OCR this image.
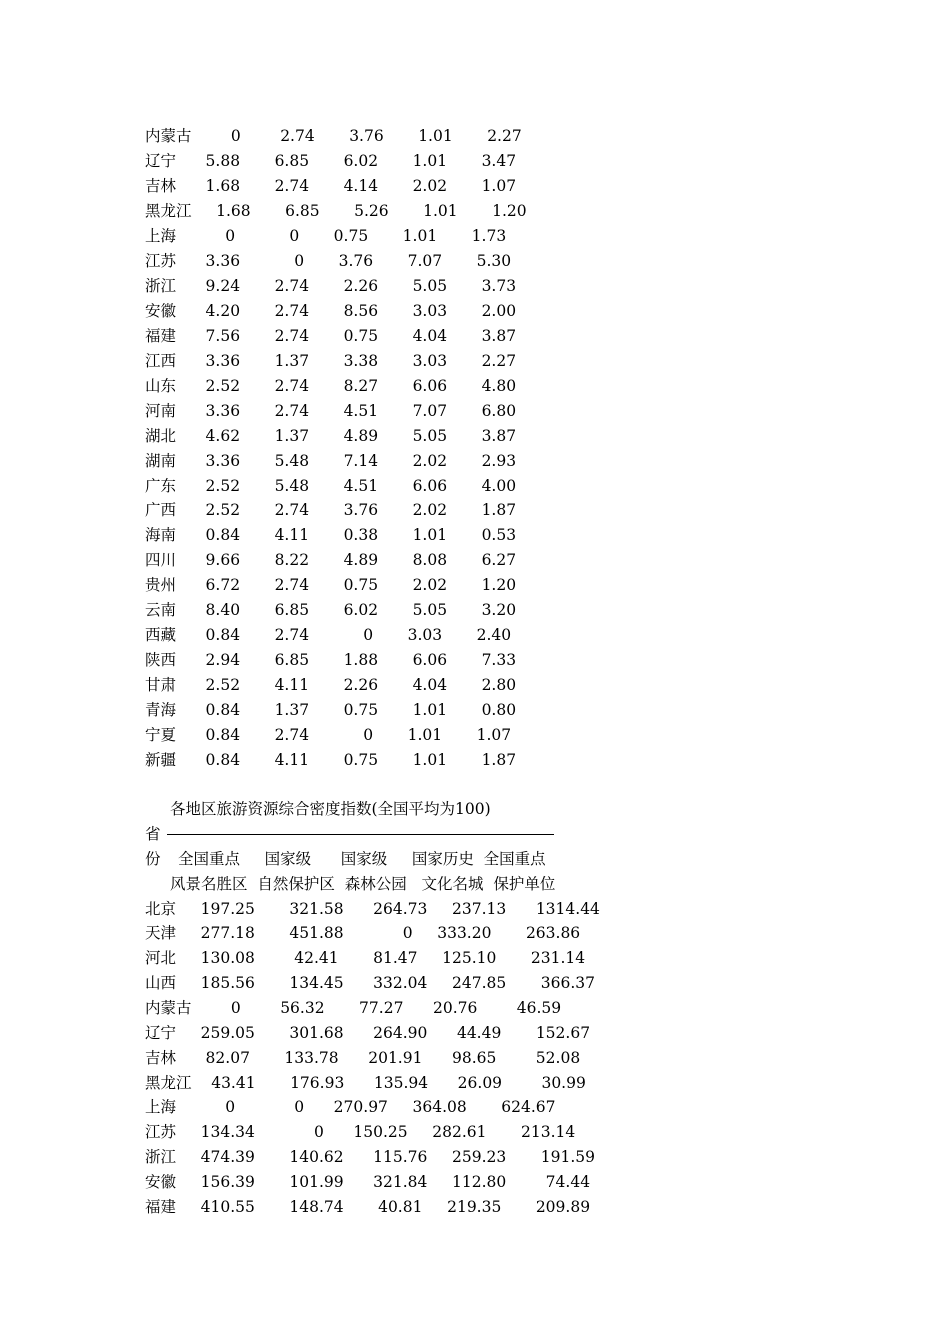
内蒙古        0        2.74       3.76       1.01       2.27
辽宁      5.88       6.85       6.02       1.01       3.47
吉林      1.68       2.74       4.14       2.02       1.07
黑龙江     1.68       6.85       5.26       1.01       1.20
上海          0           0       0.75       1.01       1.73
江苏      3.36           0       3.76       7.07       5.30
浙江      9.24       2.74       2.26       5.05       3.73
安徽      4.20       2.74       8.56       3.03       2.00
福建      7.56       2.74       0.75       4.04       3.87
江西      3.36       1.37       3.38       3.03       2.27
山东      2.52       2.74       8.27       6.06       4.80
河南      3.36       2.74       4.51       7.07       6.80
湖北      4.62       1.37       4.89       5.05       3.87
湖南      3.36       5.48       7.14       2.02       2.93
广东      2.52       5.48       4.51       6.06       4.00
广西      2.52       2.74       3.76       2.02       1.87
海南      0.84       4.11       0.38       1.01       0.53
四川      9.66       8.22       4.89       8.08       6.27
贵州      6.72       2.74       0.75       2.02       1.20
云南      8.40       6.85       6.02       5.05       3.20
西藏      0.84       2.74           0       3.03       2.40
陕西      2.94       6.85       1.88       6.06       7.33
甘肃      2.52       4.11       2.26       4.04       2.80
青海      0.84       1.37       0.75       1.01       0.80
宁夏      0.84       2.74           0       1.01       1.07
新疆      0.84       4.11       0.75       1.01       1.87
各地区旅游资源综合密度指数(全国平均为100)
省
份 全国重点     国家级      国家级     国家历史  全国重点
风景名胜区  自然保护区  森林公园   文化名城  保护单位
北京     197.25       321.58      264.73     237.13      1314.44
天津     277.18       451.88            0     333.20       263.86
河北     130.08        42.41       81.47     125.10       231.14
山西     185.56       134.45      332.04     247.85       366.37
内蒙古        0        56.32       77.27      20.76        46.59
辽宁     259.05       301.68      264.90      44.49       152.67
吉林      82.07       133.78      201.91      98.65        52.08
黑龙江    43.41       176.93      135.94      26.09        30.99
上海          0            0      270.97     364.08       624.67
江苏     134.34            0      150.25     282.61       213.14
浙江     474.39       140.62      115.76     259.23       191.59
安徽     156.39       101.99      321.84     112.80        74.44
福建     410.55       148.74       40.81     219.35       209.89
